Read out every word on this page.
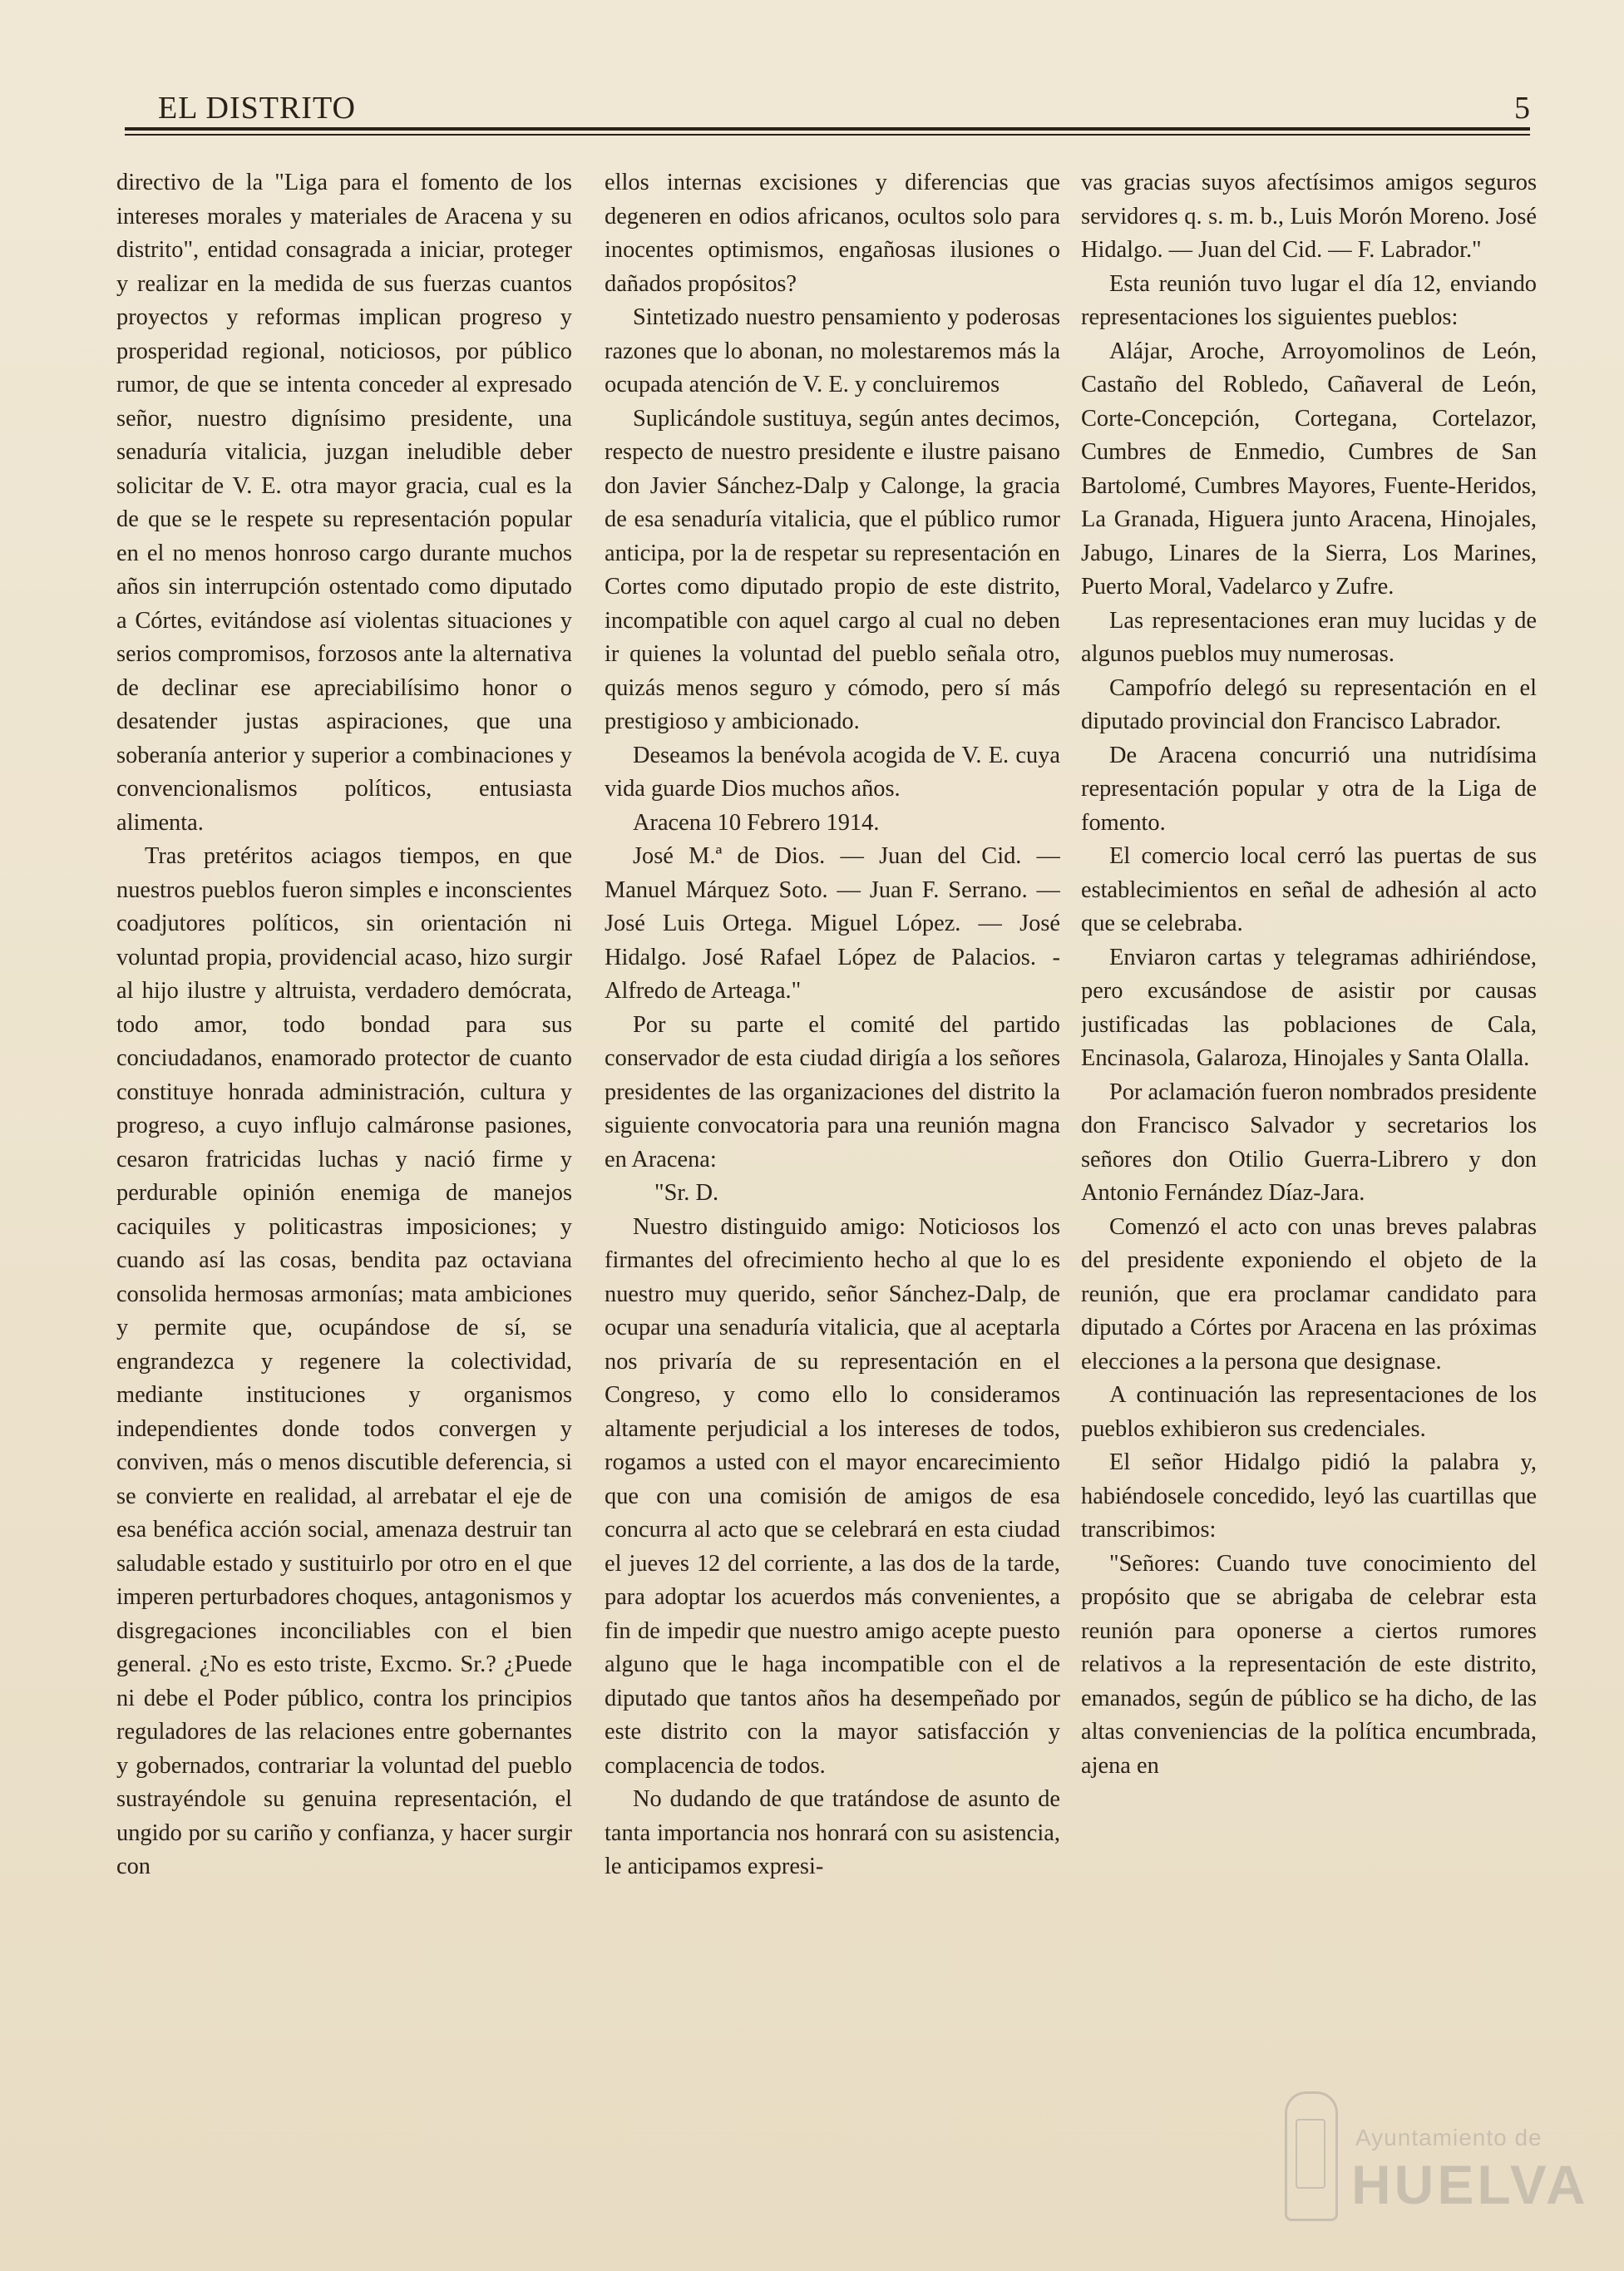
EL DISTRITO	5

directivo de la "Liga para el fomento de los intereses morales y materiales de Aracena y su distrito", entidad consagrada a iniciar, proteger y realizar en la medida de sus fuerzas cuantos proyectos y reformas implican progreso y prosperidad regional, noticiosos, por público rumor, de que se intenta conceder al expresado señor, nuestro dignísimo presidente, una senaduría vitalicia, juzgan ineludible deber solicitar de V. E. otra mayor gracia, cual es la de que se le respete su representación popular en el no menos honroso cargo durante muchos años sin interrupción ostentado como diputado a Córtes, evitándose así violentas situaciones y serios compromisos, forzosos ante la alternativa de declinar ese apreciabilísimo honor o desatender justas aspiraciones, que una soberanía anterior y superior a combinaciones y convencionalismos políticos, entusiasta alimenta.

Tras pretéritos aciagos tiempos, en que nuestros pueblos fueron simples e inconscientes coadjutores políticos, sin orientación ni voluntad propia, providencial acaso, hizo surgir al hijo ilustre y altruista, verdadero demócrata, todo amor, todo bondad para sus conciudadanos, enamorado protector de cuanto constituye honrada administración, cultura y progreso, a cuyo influjo calmáronse pasiones, cesaron fratricidas luchas y nació firme y perdurable opinión enemiga de manejos caciquiles y politicastras imposiciones; y cuando así las cosas, bendita paz octaviana consolida hermosas armonías; mata ambiciones y permite que, ocupándose de sí, se engrandezca y regenere la colectividad, mediante instituciones y organismos independientes donde todos convergen y conviven, más o menos discutible deferencia, si se convierte en realidad, al arrebatar el eje de esa benéfica acción social, amenaza destruir tan saludable estado y sustituirlo por otro en el que imperen perturbadores choques, antagonismos y disgregaciones inconciliables con el bien general. ¿No es esto triste, Excmo. Sr.? ¿Puede ni debe el Poder público, contra los principios reguladores de las relaciones entre gobernantes y gobernados, contrariar la voluntad del pueblo sustrayéndole su genuina representación, el ungido por su cariño y confianza, y hacer surgir con

ellos internas excisiones y diferencias que degeneren en odios africanos, ocultos solo para inocentes optimismos, engañosas ilusiones o dañados propósitos?

Sintetizado nuestro pensamiento y poderosas razones que lo abonan, no molestaremos más la ocupada atención de V. E. y concluiremos

Suplicándole sustituya, según antes decimos, respecto de nuestro presidente e ilustre paisano don Javier Sánchez-Dalp y Calonge, la gracia de esa senaduría vitalicia, que el público rumor anticipa, por la de respetar su representación en Cortes como diputado propio de este distrito, incompatible con aquel cargo al cual no deben ir quienes la voluntad del pueblo señala otro, quizás menos seguro y cómodo, pero sí más prestigioso y ambicionado.

Deseamos la benévola acogida de V. E. cuya vida guarde Dios muchos años.

Aracena 10 Febrero 1914.

José M.ª de Dios. — Juan del Cid. — Manuel Márquez Soto. — Juan F. Serrano. — José Luis Ortega. Miguel López. — José Hidalgo. José Rafael López de Palacios. - Alfredo de Arteaga."

Por su parte el comité del partido conservador de esta ciudad dirigía a los señores presidentes de las organizaciones del distrito la siguiente convocatoria para una reunión magna en Aracena:

"Sr. D.

Nuestro distinguido amigo: Noticiosos los firmantes del ofrecimiento hecho al que lo es nuestro muy querido, señor Sánchez-Dalp, de ocupar una senaduría vitalicia, que al aceptarla nos privaría de su representación en el Congreso, y como ello lo consideramos altamente perjudicial a los intereses de todos, rogamos a usted con el mayor encarecimiento que con una comisión de amigos de esa concurra al acto que se celebrará en esta ciudad el jueves 12 del corriente, a las dos de la tarde, para adoptar los acuerdos más convenientes, a fin de impedir que nuestro amigo acepte puesto alguno que le haga incompatible con el de diputado que tantos años ha desempeñado por este distrito con la mayor satisfacción y complacencia de todos.

No dudando de que tratándose de asunto de tanta importancia nos honrará con su asistencia, le anticipamos expresi-

vas gracias suyos afectísimos amigos seguros servidores q. s. m. b., Luis Morón Moreno. José Hidalgo. — Juan del Cid. — F. Labrador."

Esta reunión tuvo lugar el día 12, enviando representaciones los siguientes pueblos:

Alájar, Aroche, Arroyomolinos de León, Castaño del Robledo, Cañaveral de León, Corte-Concepción, Cortegana, Cortelazor, Cumbres de Enmedio, Cumbres de San Bartolomé, Cumbres Mayores, Fuente-Heridos, La Granada, Higuera junto Aracena, Hinojales, Jabugo, Linares de la Sierra, Los Marines, Puerto Moral, Vadelarco y Zufre.

Las representaciones eran muy lucidas y de algunos pueblos muy numerosas.

Campofrío delegó su representación en el diputado provincial don Francisco Labrador.

De Aracena concurrió una nutridísima representación popular y otra de la Liga de fomento.

El comercio local cerró las puertas de sus establecimientos en señal de adhesión al acto que se celebraba.

Enviaron cartas y telegramas adhiriéndose, pero excusándose de asistir por causas justificadas las poblaciones de Cala, Encinasola, Galaroza, Hinojales y Santa Olalla.

Por aclamación fueron nombrados presidente don Francisco Salvador y secretarios los señores don Otilio Guerra-Librero y don Antonio Fernández Díaz-Jara.

Comenzó el acto con unas breves palabras del presidente exponiendo el objeto de la reunión, que era proclamar candidato para diputado a Córtes por Aracena en las próximas elecciones a la persona que designase.

A continuación las representaciones de los pueblos exhibieron sus credenciales.

El señor Hidalgo pidió la palabra y, habiéndosele concedido, leyó las cuartillas que transcribimos:

"Señores: Cuando tuve conocimiento del propósito que se abrigaba de celebrar esta reunión para oponerse a ciertos rumores relativos a la representación de este distrito, emanados, según de público se ha dicho, de las altas conveniencias de la política encumbrada, ajena en

Ayuntamiento de
HUELVA
